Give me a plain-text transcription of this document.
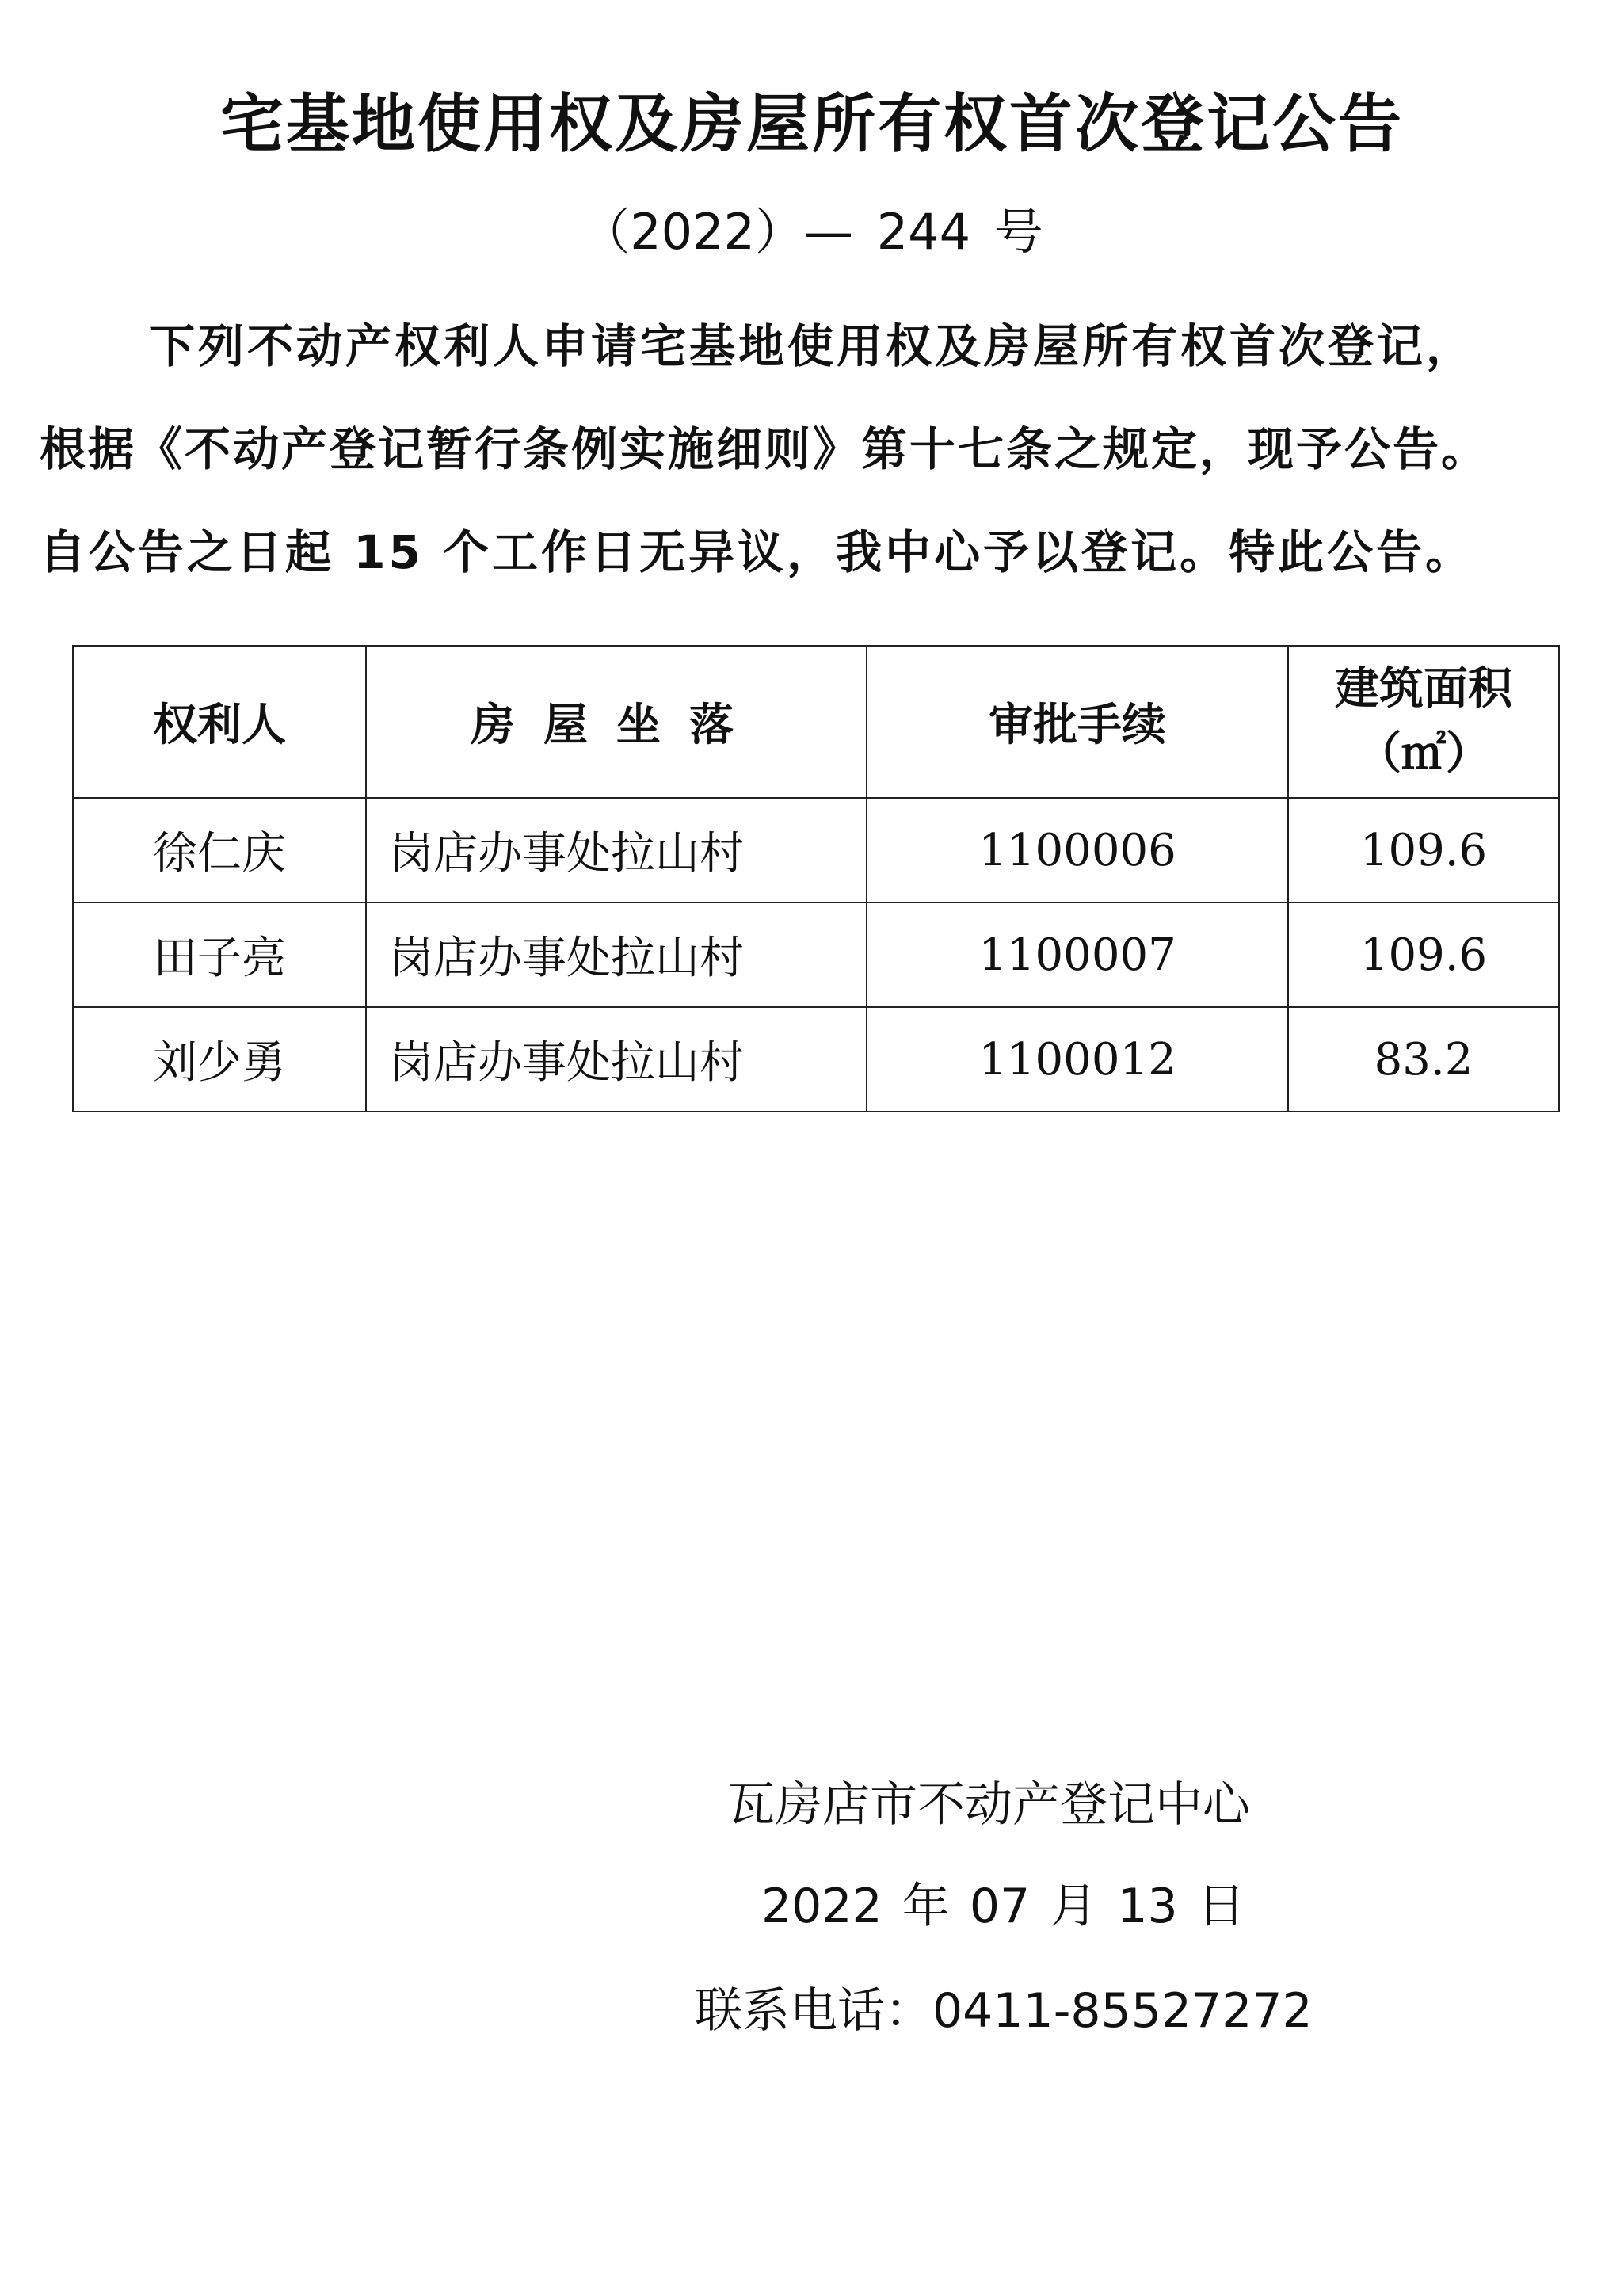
宅基地使用权及房屋所有权首次登记公告
（2022）— 244 号
下列不动产权利人申请宅基地使用权及房屋所有权首次登记，
根据《不动产登记暂行条例实施细则》第十七条之规定，现予公告。
自公告之日起 15 个工作日无异议，我中心予以登记。特此公告。
权利人	房屋坐落	审批手续	建筑面积
（㎡）

徐仁庆	岗店办事处拉山村	1100006	109.6
田子亮	岗店办事处拉山村	1100007	109.6
刘少勇	岗店办事处拉山村	1100012	83.2
瓦房店市不动产登记中心
2022 年 07 月 13 日
联系电话：0411-85527272
